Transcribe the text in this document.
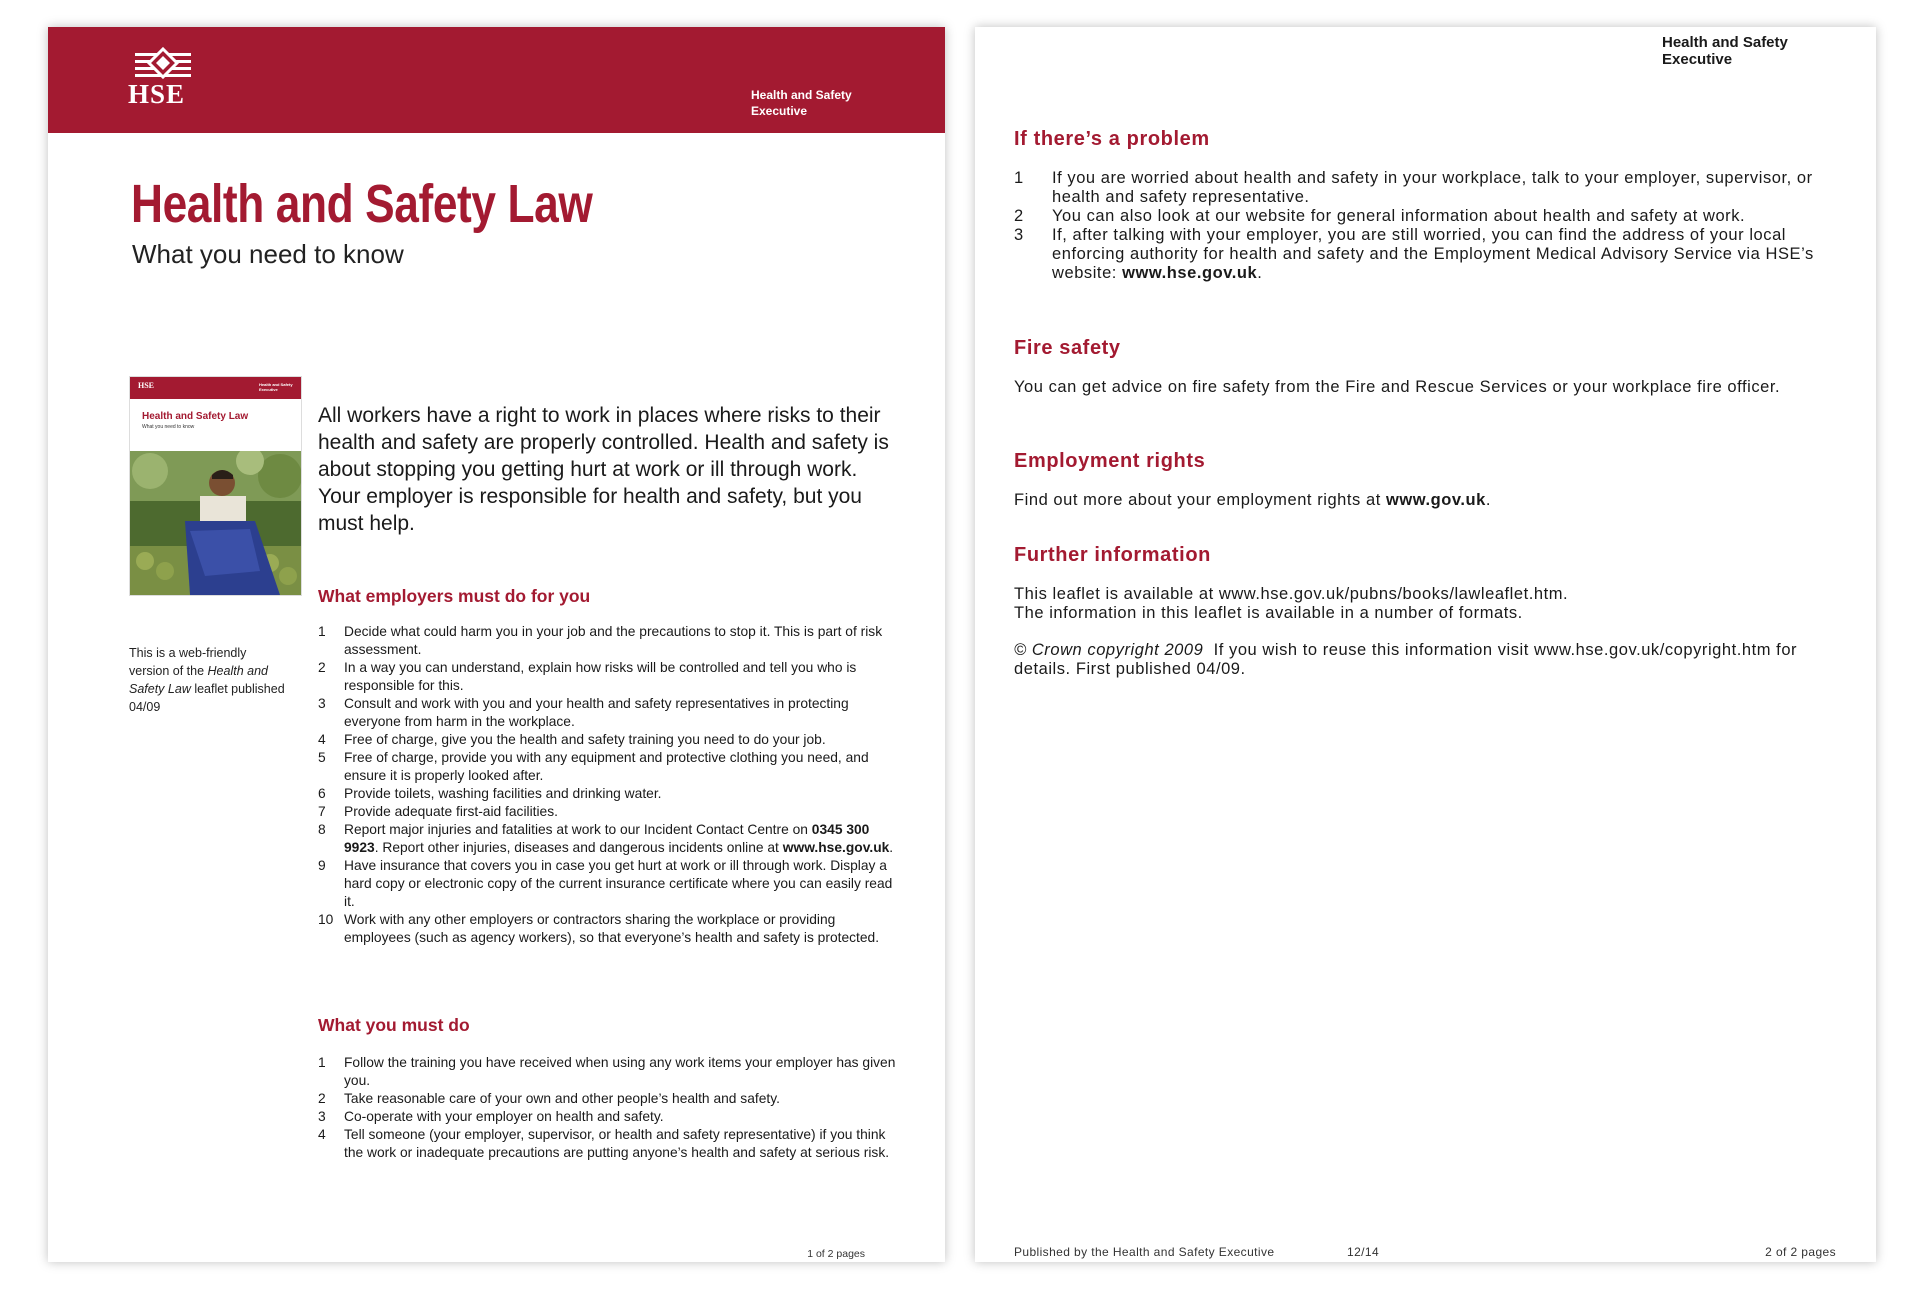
HSE	Health and Safety
Executive
Health and Safety Law
What you need to know
HSE	Health and Safety Executive
Health and Safety Law
What you need to know
This is a web-friendly version of the Health and Safety Law leaflet published 04/09

All workers have a right to work in places where risks to their health and safety are properly controlled. Health and safety is about stopping you getting hurt at work or ill through work. Your employer is responsible for health and safety, but you must help.

What employers must do for you
1 Decide what could harm you in your job and the precautions to stop it. This is part of risk assessment.
2 In a way you can understand, explain how risks will be controlled and tell you who is responsible for this.
3 Consult and work with you and your health and safety representatives in protecting everyone from harm in the workplace.
4 Free of charge, give you the health and safety training you need to do your job.
5 Free of charge, provide you with any equipment and protective clothing you need, and ensure it is properly looked after.
6 Provide toilets, washing facilities and drinking water.
7 Provide adequate first-aid facilities.
8 Report major injuries and fatalities at work to our Incident Contact Centre on 0345 300 9923. Report other injuries, diseases and dangerous incidents online at www.hse.gov.uk.
9 Have insurance that covers you in case you get hurt at work or ill through work. Display a hard copy or electronic copy of the current insurance certificate where you can easily read it.
10 Work with any other employers or contractors sharing the workplace or providing employees (such as agency workers), so that everyone’s health and safety is protected.
What you must do
1 Follow the training you have received when using any work items your employer has given you.
2 Take reasonable care of your own and other people’s health and safety.
3 Co-operate with your employer on health and safety.
4 Tell someone (your employer, supervisor, or health and safety representative) if you think the work or inadequate precautions are putting anyone’s health and safety at serious risk.
1 of 2 pages
Health and Safety
Executive
If there’s a problem
1 If you are worried about health and safety in your workplace, talk to your employer, supervisor, or health and safety representative.
2 You can also look at our website for general information about health and safety at work.
3 If, after talking with your employer, you are still worried, you can find the address of your local enforcing authority for health and safety and the Employment Medical Advisory Service via HSE’s website: www.hse.gov.uk.
Fire safety

You can get advice on fire safety from the Fire and Rescue Services or your workplace fire officer.

Employment rights

Find out more about your employment rights at www.gov.uk.

Further information

This leaflet is available at www.hse.gov.uk/pubns/books/lawleaflet.htm.
The information in this leaflet is available in a number of formats.

© Crown copyright 2009  If you wish to reuse this information visit www.hse.gov.uk/copyright.htm for details. First published 04/09.

Published by the Health and Safety Executive	12/14	2 of 2 pages
